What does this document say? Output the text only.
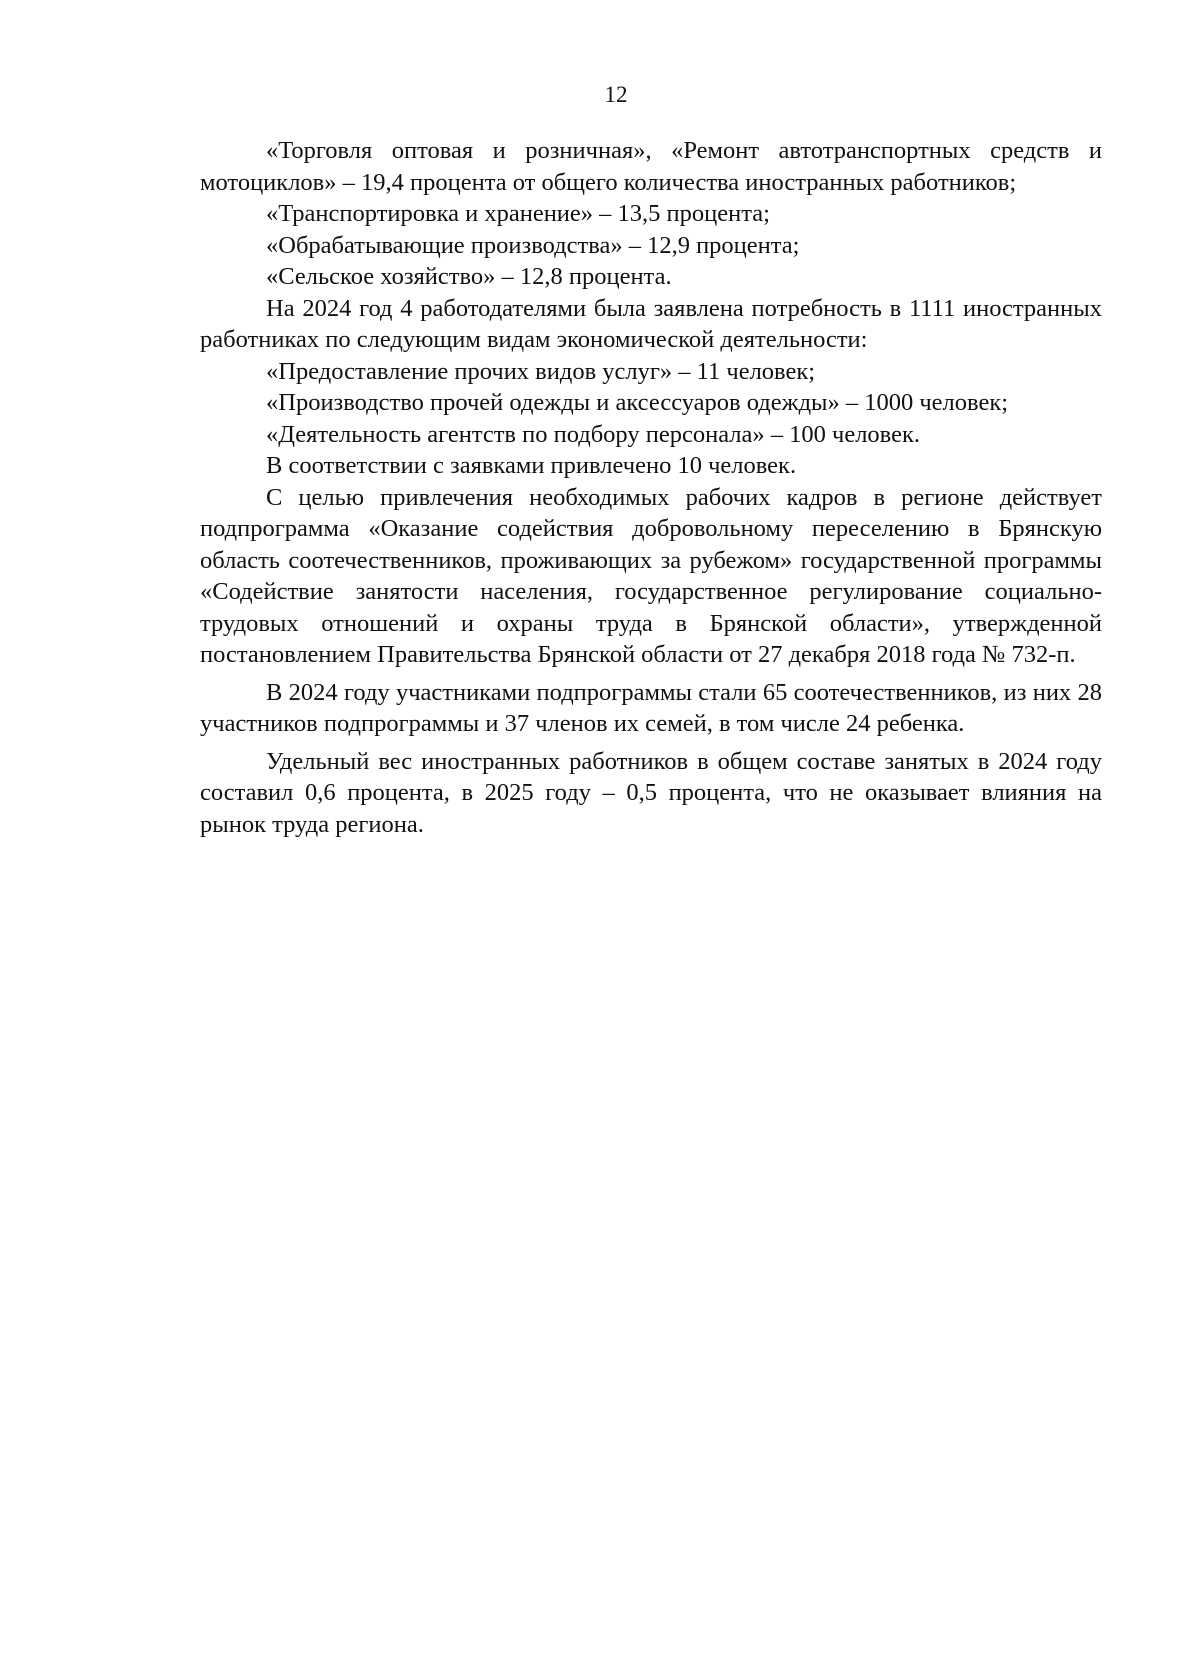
12

«Торговля оптовая и розничная», «Ремонт автотранспортных средств и мотоциклов» – 19,4 процента от общего количества иностранных работников;

«Транспортировка и хранение» – 13,5 процента;

«Обрабатывающие производства» – 12,9 процента;

«Сельское хозяйство» – 12,8 процента.

На 2024 год 4 работодателями была заявлена потребность в 1111 иностранных работниках по следующим видам экономической деятельности:

«Предоставление прочих видов услуг» – 11 человек;

«Производство прочей одежды и аксессуаров одежды» – 1000 человек;

«Деятельность агентств по подбору персонала» – 100 человек.

В соответствии с заявками привлечено 10 человек.

С целью привлечения необходимых рабочих кадров в регионе действует подпрограмма «Оказание содействия добровольному переселению в Брянскую область соотечественников, проживающих за рубежом» государственной программы «Содействие занятости населения, государственное регулирование социально-трудовых отношений и охраны труда в Брянской области», утвержденной постановлением Правительства Брянской области от 27 декабря 2018 года № 732-п.

В 2024 году участниками подпрограммы стали 65 соотечественников, из них 28 участников подпрограммы и 37 членов их семей, в том числе 24 ребенка.

Удельный вес иностранных работников в общем составе занятых в 2024 году составил 0,6 процента, в 2025 году – 0,5 процента, что не оказывает влияния на рынок труда региона.
